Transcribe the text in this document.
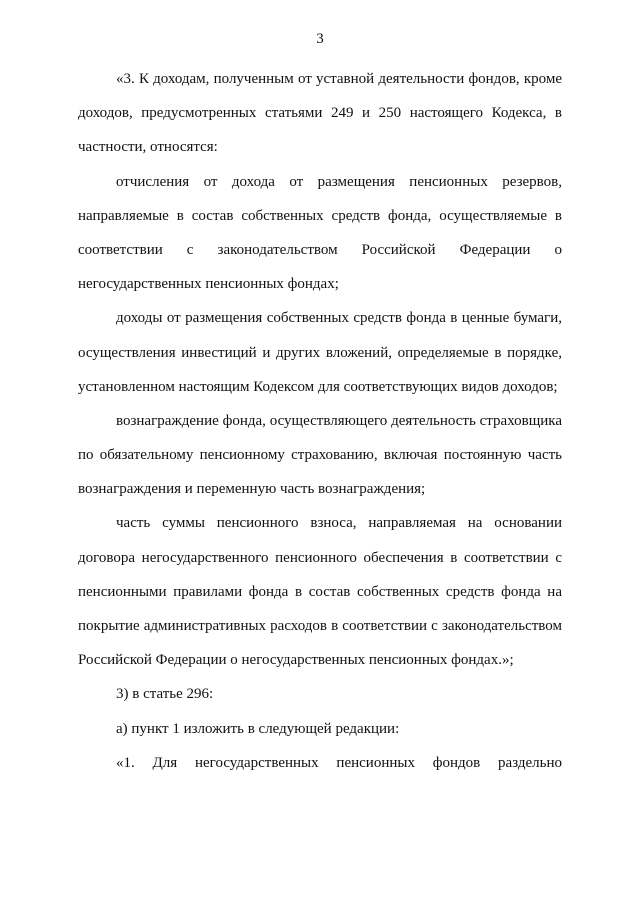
3
«3. К доходам, полученным от уставной деятельности фондов, кроме
доходов, предусмотренных статьями 249 и 250 настоящего Кодекса, в
частности, относятся:
отчисления от дохода от размещения пенсионных резервов,
направляемые в состав собственных средств фонда, осуществляемые в
соответствии с законодательством Российской Федерации о
негосударственных пенсионных фондах;
доходы от размещения собственных средств фонда в ценные бумаги,
осуществления инвестиций и других вложений, определяемые в порядке,
установленном настоящим Кодексом для соответствующих видов доходов;
вознаграждение фонда, осуществляющего деятельность страховщика
по обязательному пенсионному страхованию, включая постоянную часть
вознаграждения и переменную часть вознаграждения;
часть суммы пенсионного взноса, направляемая на основании
договора негосударственного пенсионного обеспечения в соответствии с
пенсионными правилами фонда в состав собственных средств фонда на
покрытие административных расходов в соответствии с законодательством
Российской Федерации о негосударственных пенсионных фондах.»;
3) в статье 296:
а) пункт 1 изложить в следующей редакции:
«1. Для негосударственных пенсионных фондов раздельно
